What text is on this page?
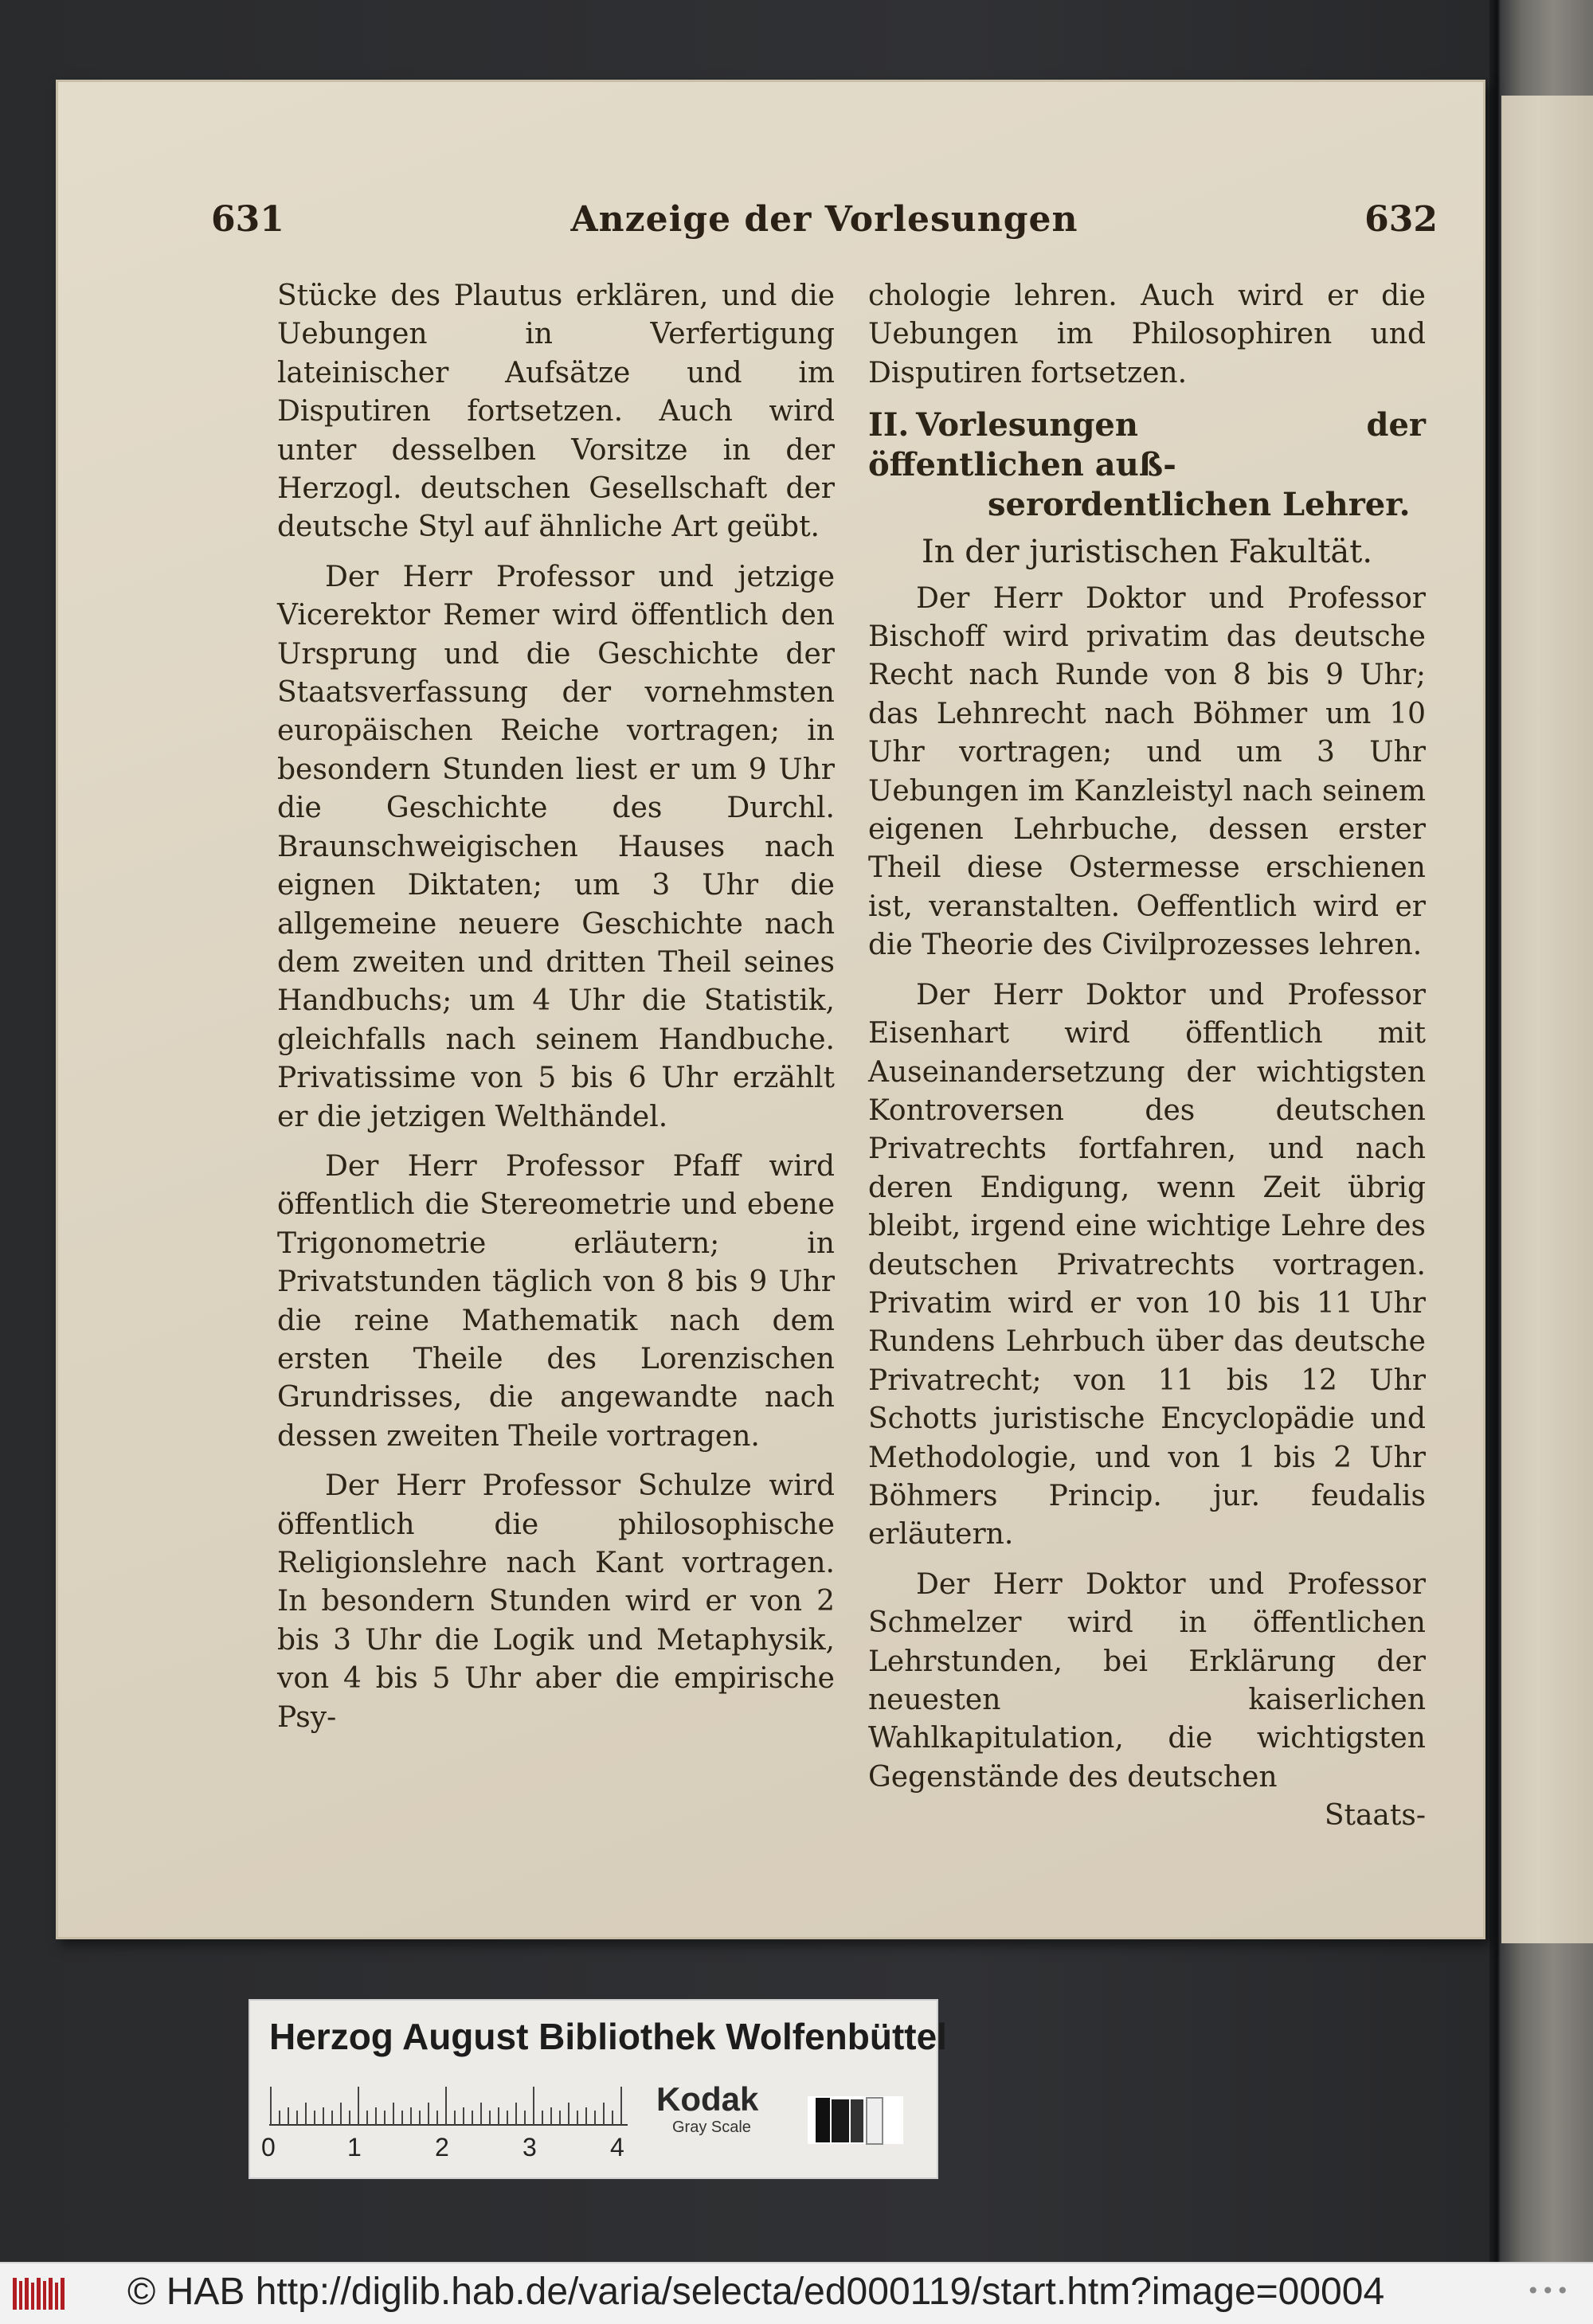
631	Anzeige der Vorlesungen	632

Stücke des Plautus erklären, und die Uebungen in Verfertigung lateinischer Aufsätze und im Disputiren fortsetzen. Auch wird unter desselben Vorsitze in der Herzogl. deutschen Gesellschaft der deutsche Styl auf ähnliche Art geübt.

Der Herr Professor und jetzige Vicerektor Remer wird öffentlich den Ursprung und die Geschichte der Staatsverfassung der vornehmsten europäischen Reiche vortragen; in besondern Stunden liest er um 9 Uhr die Geschichte des Durchl. Braunschweigischen Hauses nach eignen Diktaten; um 3 Uhr die allgemeine neuere Geschichte nach dem zweiten und dritten Theil seines Handbuchs; um 4 Uhr die Statistik, gleichfalls nach seinem Handbuche. Privatissime von 5 bis 6 Uhr erzählt er die jetzigen Welthändel.

Der Herr Professor Pfaff wird öffentlich die Stereometrie und ebene Trigonometrie erläutern; in Privatstunden täglich von 8 bis 9 Uhr die reine Mathematik nach dem ersten Theile des Lorenzischen Grundrisses, die angewandte nach dessen zweiten Theile vortragen.

Der Herr Professor Schulze wird öffentlich die philosophische Religionslehre nach Kant vortragen. In besondern Stunden wird er von 2 bis 3 Uhr die Logik und Metaphysik, von 4 bis 5 Uhr aber die empirische Psy-

chologie lehren. Auch wird er die Uebungen im Philosophiren und Disputiren fortsetzen.

II. Vorlesungen der öffentlichen auß-
serordentlichen Lehrer.
In der juristischen Fakultät.

Der Herr Doktor und Professor Bischoff wird privatim das deutsche Recht nach Runde von 8 bis 9 Uhr; das Lehnrecht nach Böhmer um 10 Uhr vortragen; und um 3 Uhr Uebungen im Kanzleistyl nach seinem eigenen Lehrbuche, dessen erster Theil diese Ostermesse erschienen ist, veranstalten. Oeffentlich wird er die Theorie des Civilprozesses lehren.

Der Herr Doktor und Professor Eisenhart wird öffentlich mit Auseinandersetzung der wichtigsten Kontroversen des deutschen Privatrechts fortfahren, und nach deren Endigung, wenn Zeit übrig bleibt, irgend eine wichtige Lehre des deutschen Privatrechts vortragen. Privatim wird er von 10 bis 11 Uhr Rundens Lehrbuch über das deutsche Privatrecht; von 11 bis 12 Uhr Schotts juristische Encyclopädie und Methodologie, und von 1 bis 2 Uhr Böhmers Princip. jur. feudalis erläutern.

Der Herr Doktor und Professor Schmelzer wird in öffentlichen Lehrstunden, bei Erklärung der neuesten kaiserlichen Wahlkapitulation, die wichtigsten Gegenstände des deutschen

Staats-

Herzog August Bibliothek Wolfenbüttel
0	1	2	3	4
Kodak
Gray Scale
© HAB http://diglib.hab.de/varia/selecta/ed000119/start.htm?image=00004	•••
